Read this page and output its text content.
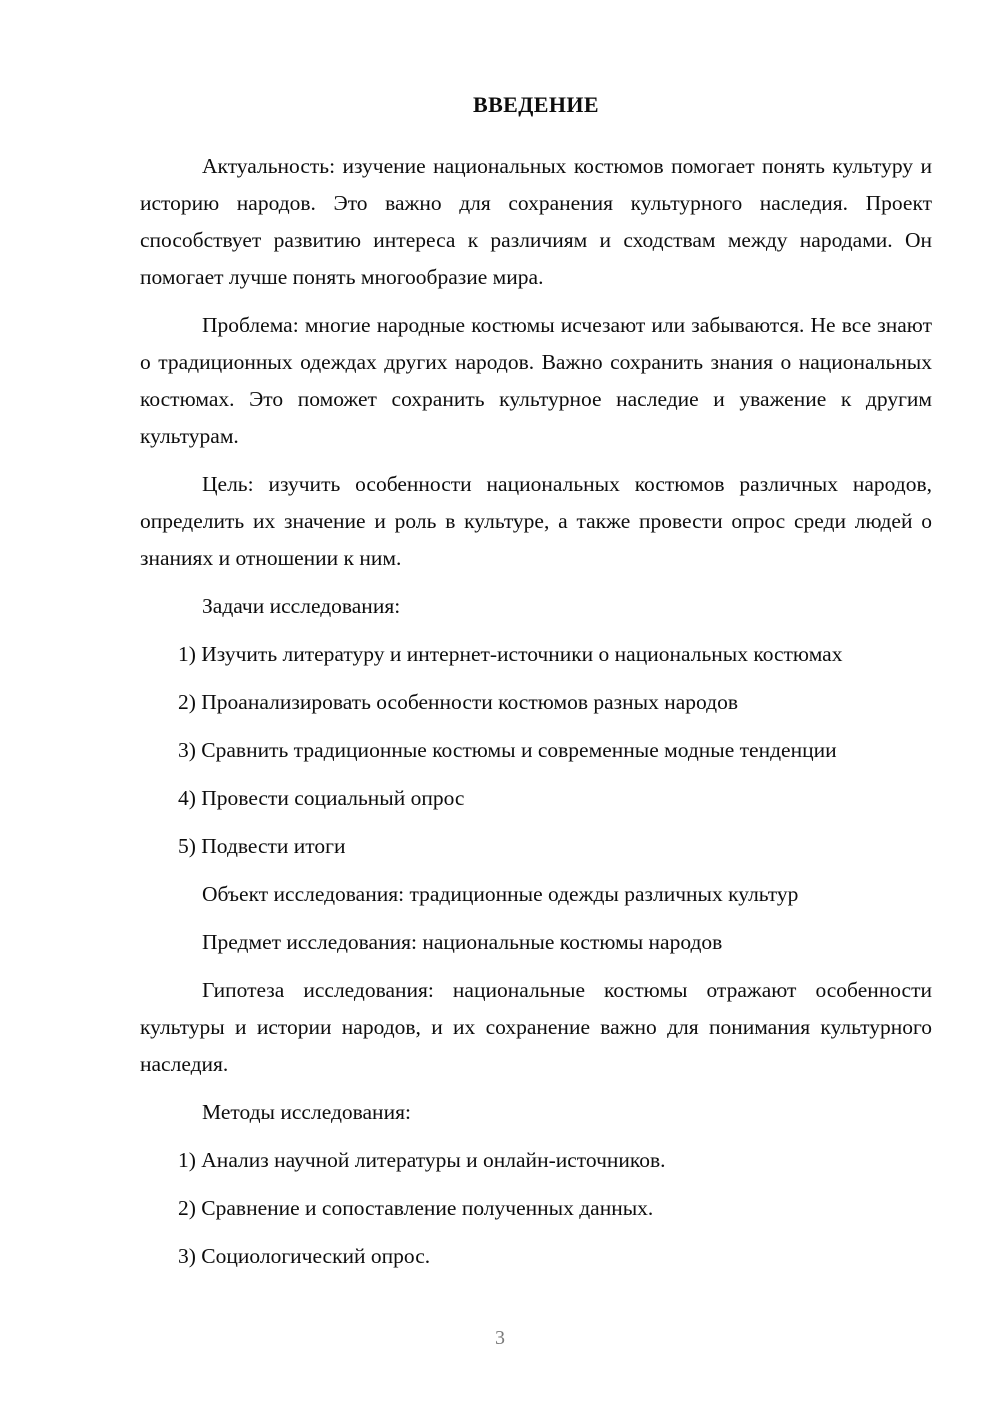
ВВЕДЕНИЕ

Актуальность: изучение национальных костюмов помогает понять культуру и историю народов. Это важно для сохранения культурного наследия. Проект способствует развитию интереса к различиям и сходствам между народами. Он помогает лучше понять многообразие мира.

Проблема: многие народные костюмы исчезают или забываются. Не все знают о традиционных одеждах других народов. Важно сохранить знания о национальных костюмах. Это поможет сохранить культурное наследие и уважение к другим культурам.

Цель: изучить особенности национальных костюмов различных народов, определить их значение и роль в культуре, а также провести опрос среди людей о знаниях и отношении к ним.

Задачи исследования:

1) Изучить литературу и интернет-источники о национальных костюмах

2) Проанализировать особенности костюмов разных народов

3) Сравнить традиционные костюмы и современные модные тенденции

4) Провести социальный опрос

5) Подвести итоги

Объект исследования: традиционные одежды различных культур

Предмет исследования: национальные костюмы народов

Гипотеза исследования: национальные костюмы отражают особенности культуры и истории народов, и их сохранение важно для понимания культурного наследия.

Методы исследования:

1) Анализ научной литературы и онлайн-источников.

2) Сравнение и сопоставление полученных данных.

3) Социологический опрос.

3
